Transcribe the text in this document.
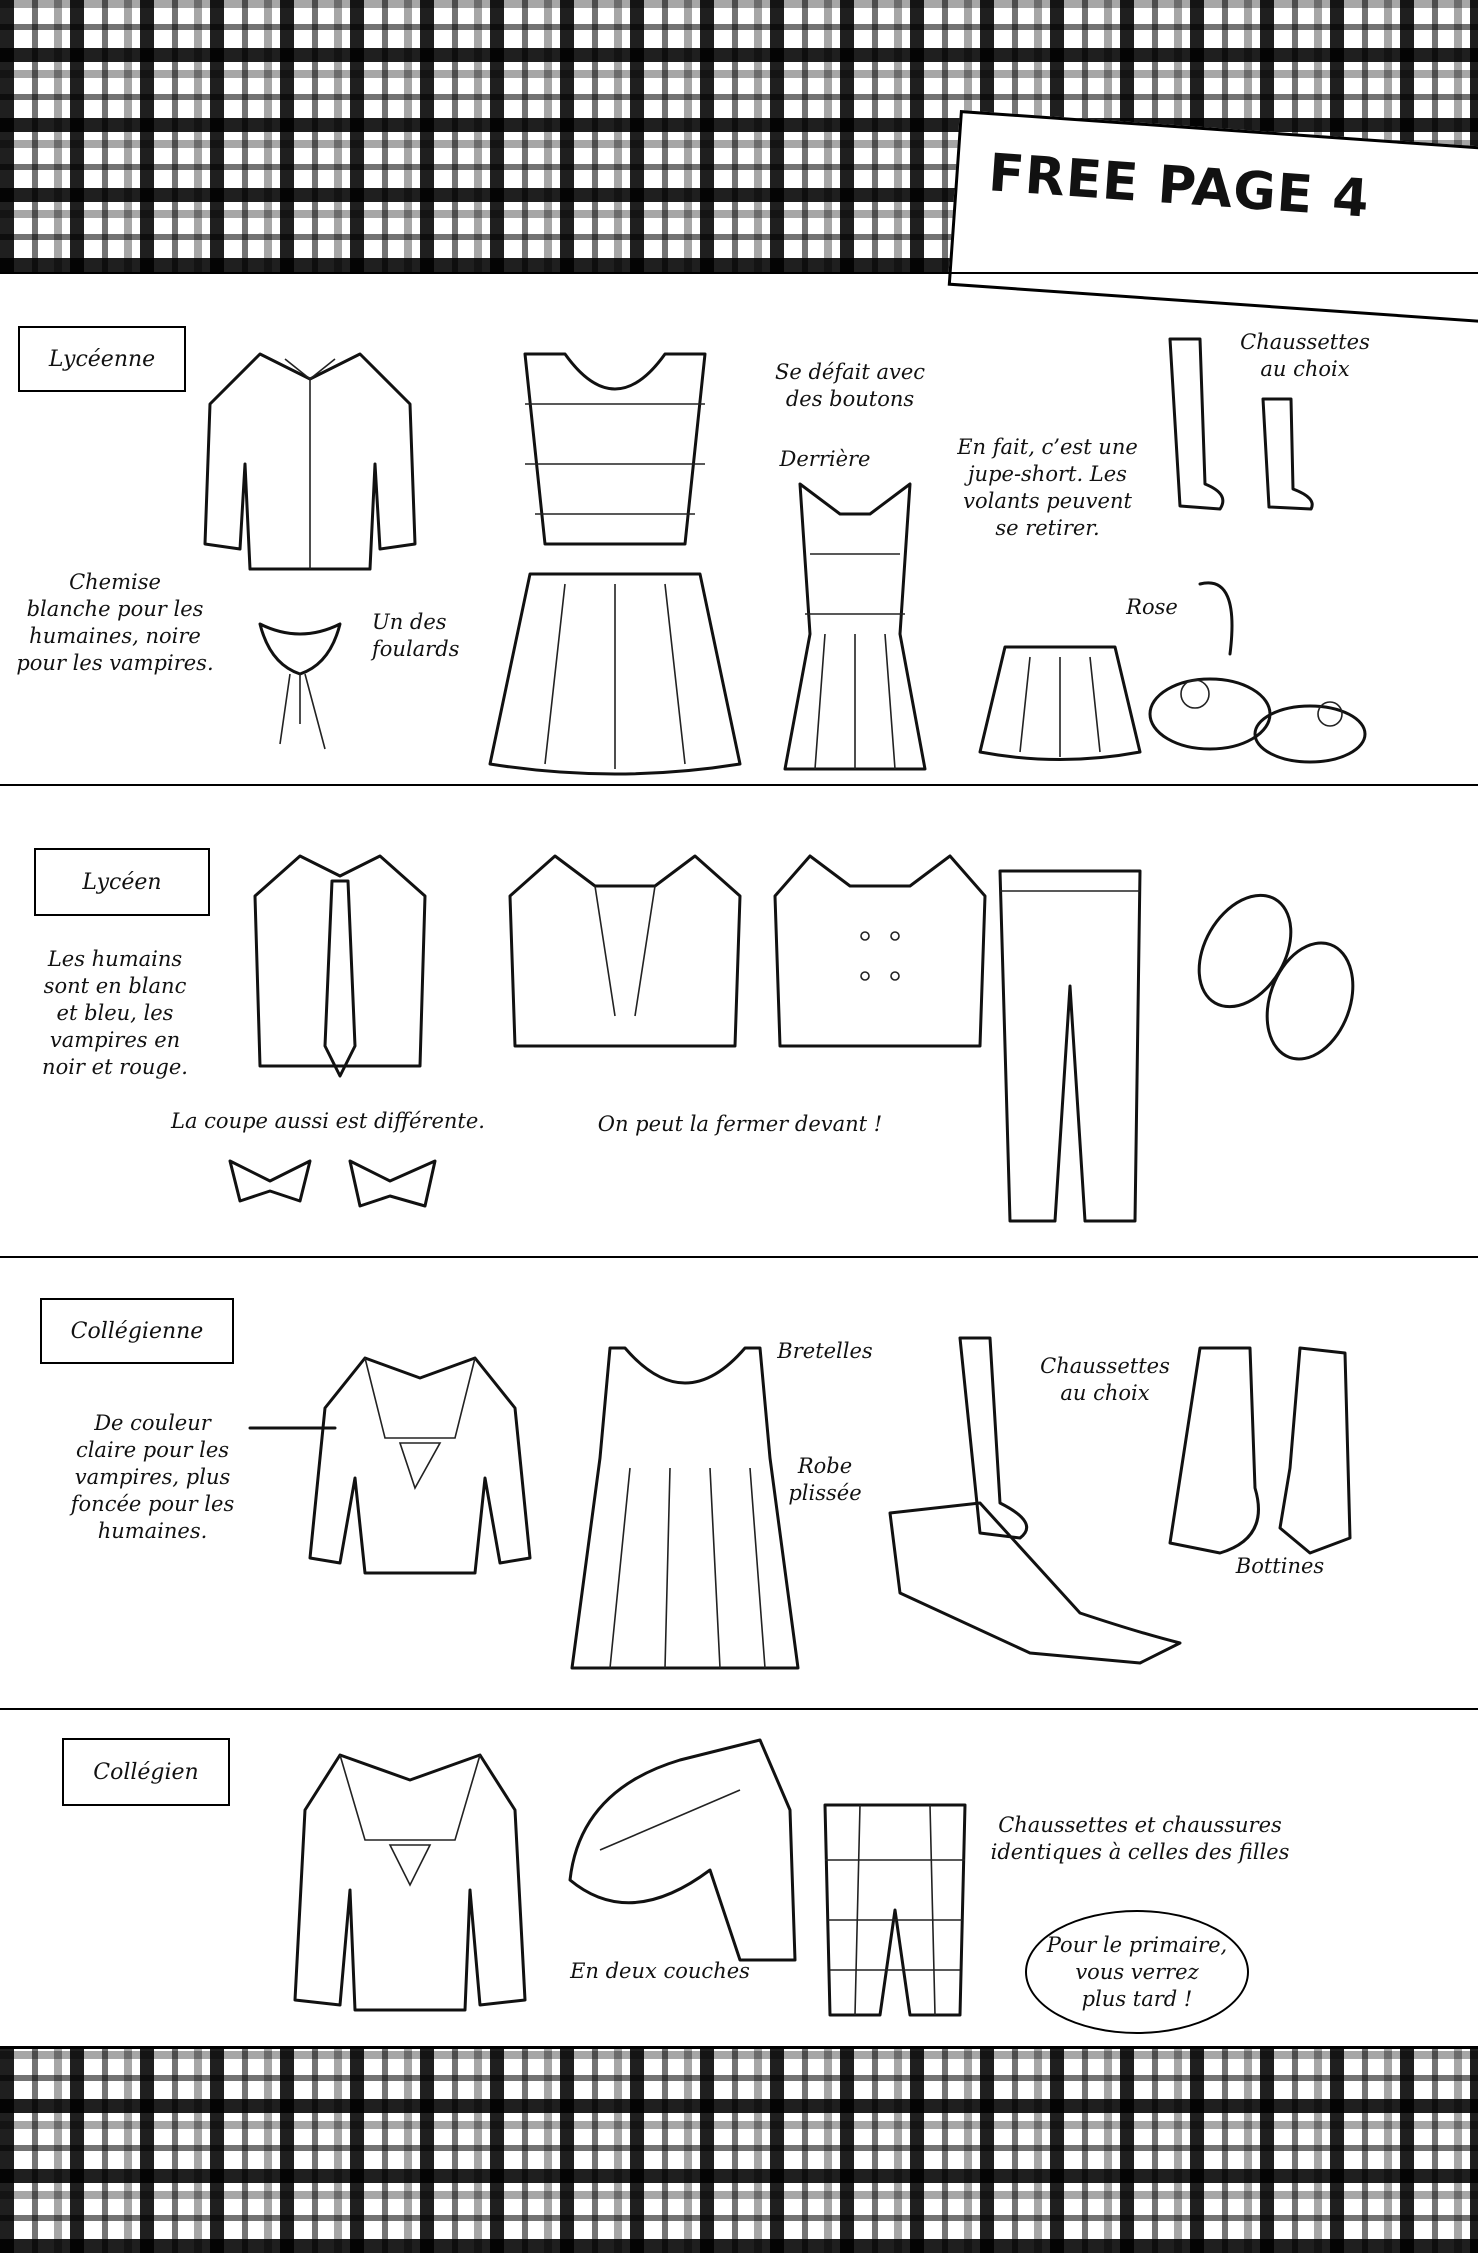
FREE PAGE 4
Lycéenne
Chemise
blanche pour les
humaines, noire
pour les vampires.
Un des
foulards
Se défait avec
des boutons
Derrière	En fait, c’est une
jupe-short. Les
volants peuvent
se retirer.
Chaussettes
au choix
Rose
Lycéen
Les humains
sont en blanc
et bleu, les
vampires en
noir et rouge.
La coupe aussi est différente.	On peut la fermer devant !
Collégienne
De couleur
claire pour les
vampires, plus
foncée pour les
humaines.
Bretelles
Robe
plissée
Chaussettes
au choix
Bottines
Collégien
En deux couches
Chaussettes et chaussures
identiques à celles des filles
Pour le primaire,
vous verrez
plus tard !
